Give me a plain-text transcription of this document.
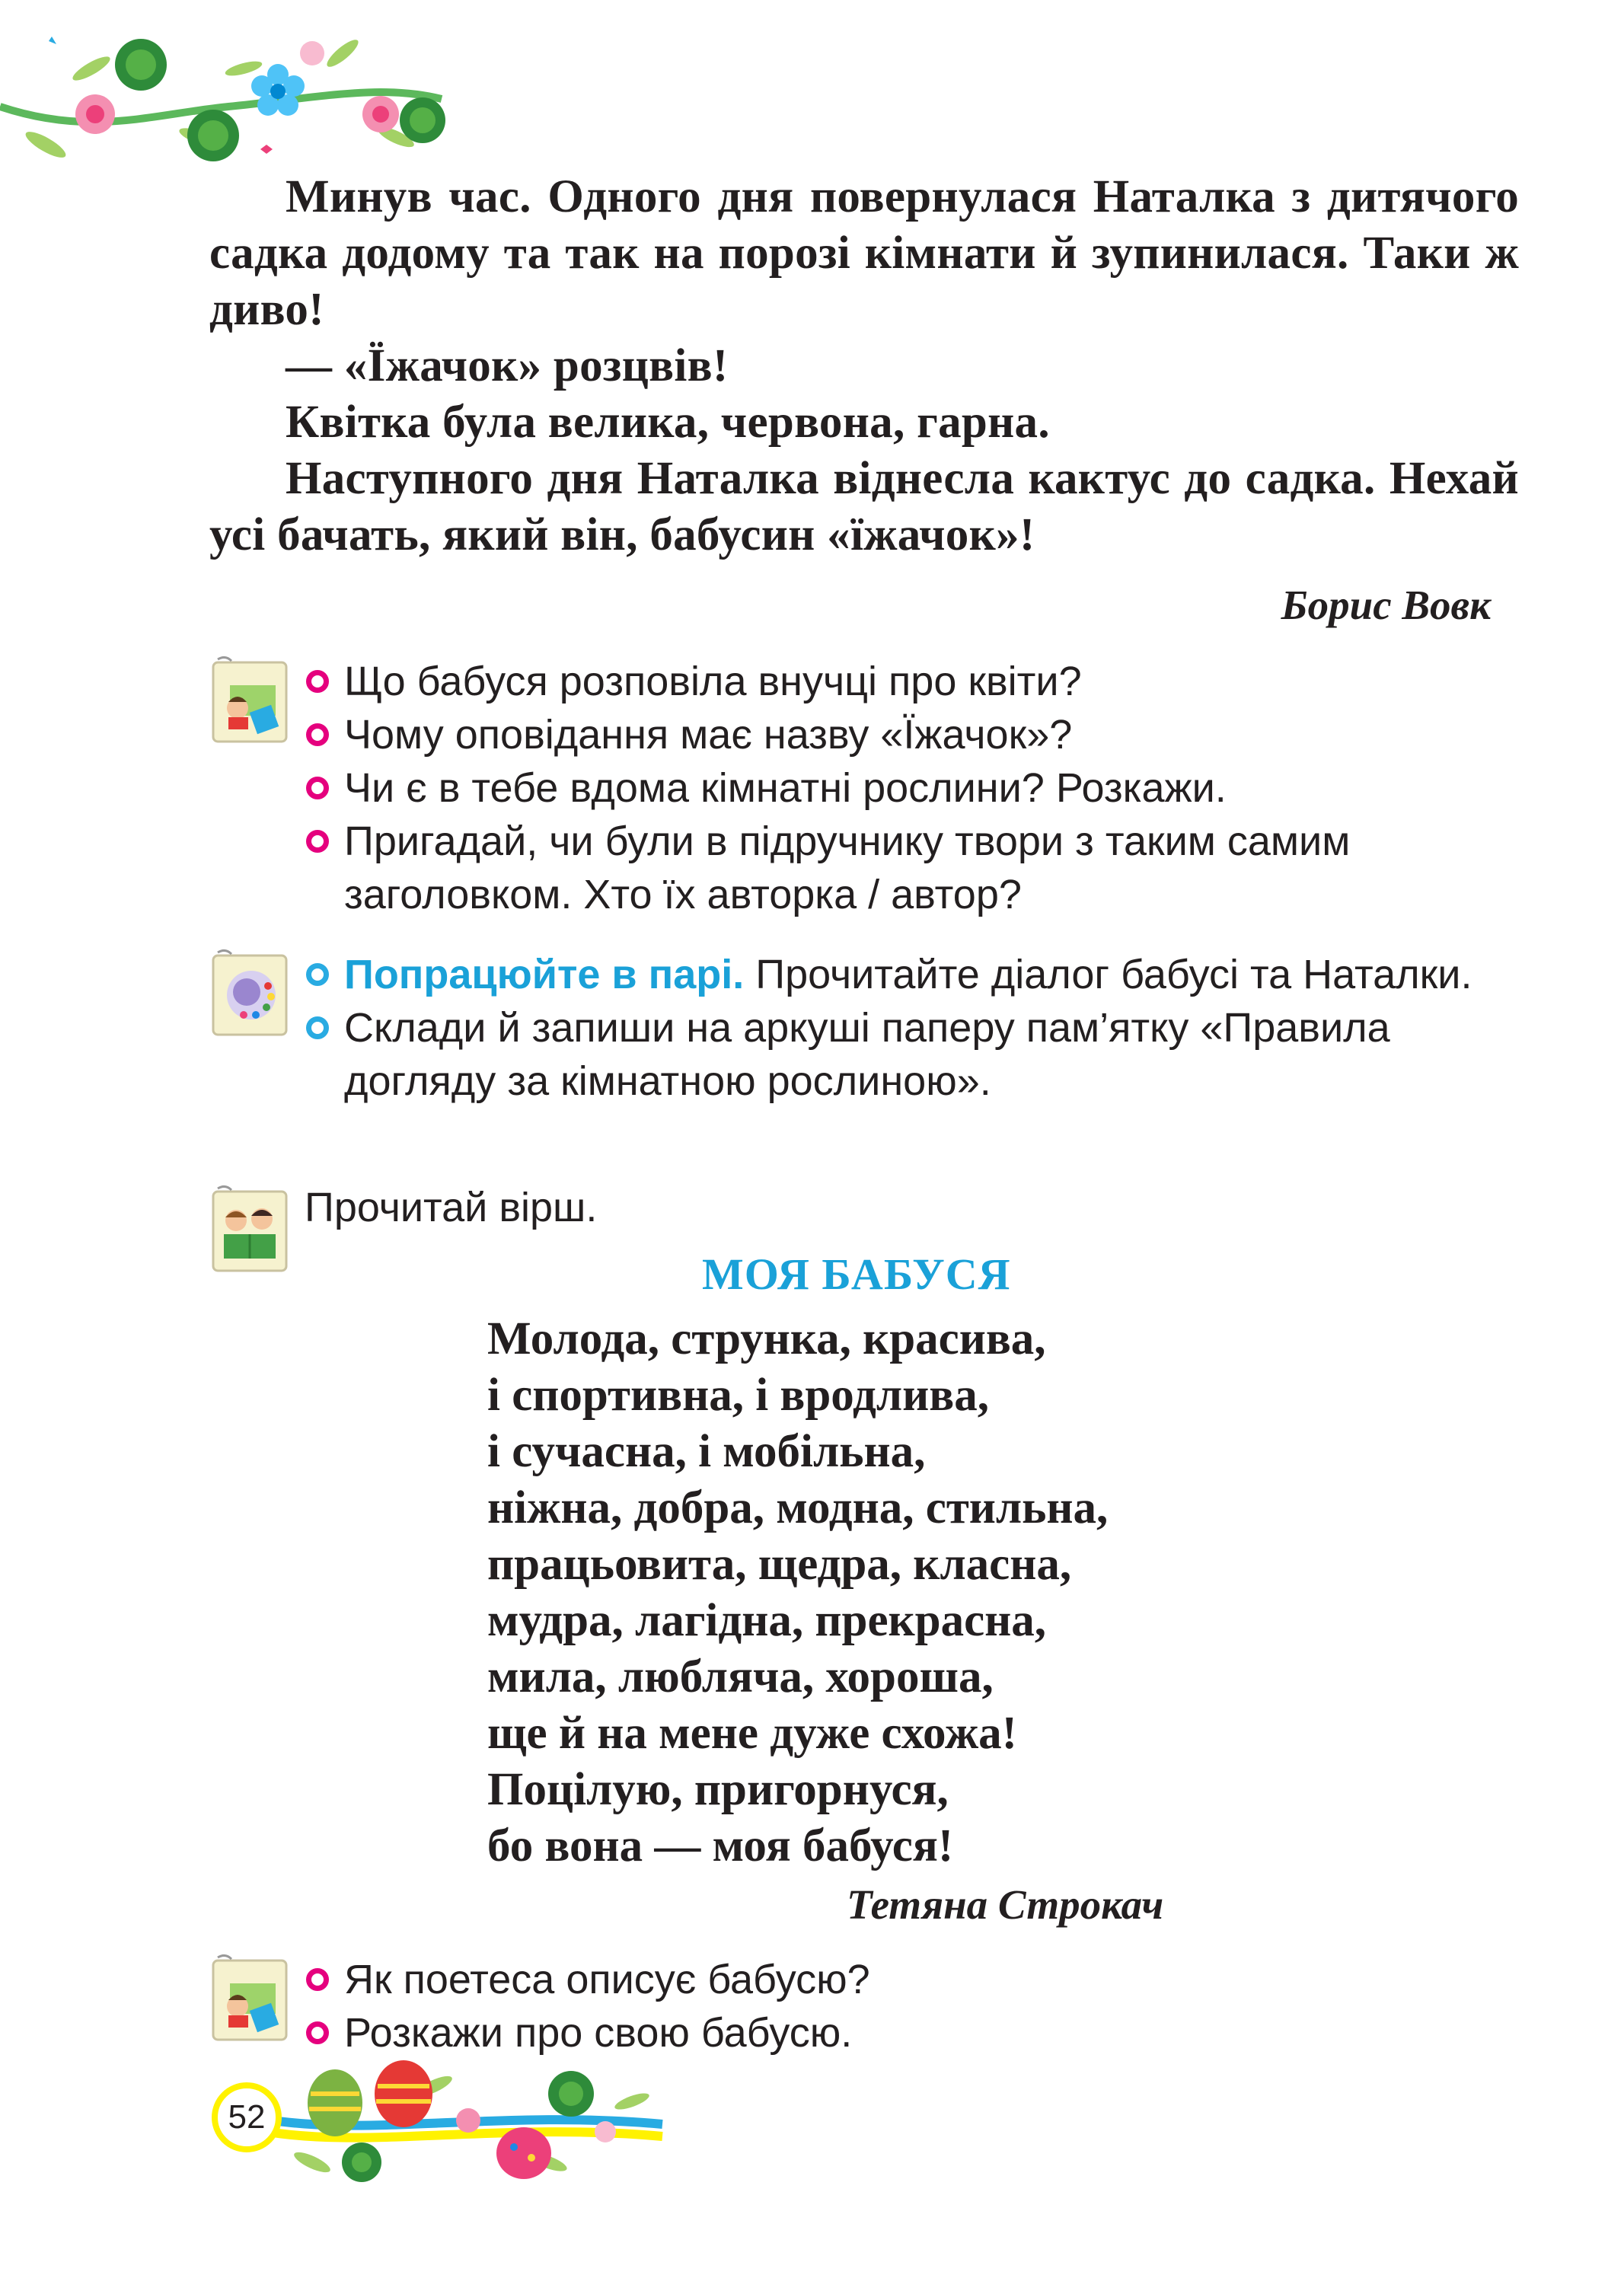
Минув час. Одного дня повернулася Наталка з дитячого садка додому та так на порозі кімнати й зупинилася. Таки ж диво!

— «Їжачок» розцвів!

Квітка була велика, червона, гарна.

Наступного дня Наталка віднесла кактус до садка. Нехай усі бачать, який він, бабусин «їжачок»!

Борис Вовк
Що бабуся розповіла внучці про квіти?
Чому оповідання має назву «Їжачок»?
Чи є в тебе вдома кімнатні рослини? Розкажи.
Пригадай, чи були в підручнику твори з таким самим заголовком. Хто їх авторка / автор?
Попрацюйте в парі. Прочитайте діалог бабусі та Наталки.
Склади й запиши на аркуші паперу пам’ятку «Правила догляду за кімнатною рослиною».
Прочитай вірш.
МОЯ БАБУСЯ
Молода, струнка, красива,
і спортивна, і вродлива,
і сучасна, і мобільна,
ніжна, добра, модна, стильна,
працьовита, щедра, класна,
мудра, лагідна, прекрасна,
мила, любляча, хороша,
ще й на мене дуже схожа!
Поцілую, пригорнуся,
бо вона — моя бабуся!
Тетяна Строкач
Як поетеса описує бабусю?
Розкажи про свою бабусю.
52
